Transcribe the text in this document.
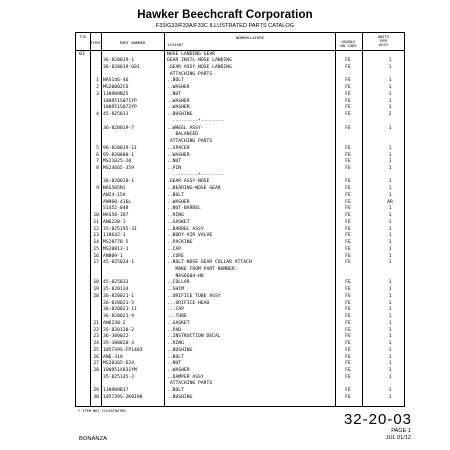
Hawker Beechcraft Corporation
F33/G33/F33A/F33C ILLUSTRATED PARTS CATALOG
FIG
ITEM	PART NUMBER
NOMENCLATURE
1234567
USABLE
ON CODE
UNITS
PER
ASSY
03	NOSE LANDING GEAR
36-820019-1	GEAR INSTL-NOSE LANDING	FE	1
36-820019-601	.GEAR ASSY-NOSE LANDING	FE	1
ATTACHING PARTS
1 NAS146-46	..BOLT	FE	1
2 MS20002C6	..WASHER	FE	1
3 130909N25	..NUT	FE	1
100951S071YP	..WASHER	FE	1
100951S072YP	..WASHER	FE	1
4 45-825011	..BUSHING	FE	2
---------*--------
36-820019-7	..WHEEL ASSY-	FE	1
BALANCED
ATTACHING PARTS
5 96-820019-11	..SPACER	FE	1
6 95-820000-1	..WASHER	FE	1
7 MS21025-20	..NUT	FE	1
8 MS24665-359	..PIN	FE	1
---------*--------
36-820020-1	.GEAR ASSY-NOSE	FE	1
9 NAS505NJ	..BEARING-NOSE GEAR	FE	1
AN24-15A	..BOLT	FE	1
AN960-416L	..WASHER	FE	AR
S1452-048	..NUT-BARREL	FE	1
10 NAS50-187	..RING	FE	1
11 AN6230-1	..GASKET	FE	1
12 35-825195-31	..BARREL ASSY	FE	1
13 118642-1	..BODY-AIR VALVE	FE	1
14 MS28778-5	..PACKING	FE	1
15 MS20813-1	..CAP	FE	1
16 AN809-1	..CORE	FE	1
17 45-825034-1	..BOLT-NOSE GEAR COLLAR ATTACH	FE	1
MAKE FROM PART NUMBER:
NAS6604-H8
18 45-825033	..COLLAR	FE	1
19 35-820134	..SHIM	FE	1
20 36-820021-1	..ORIFICE TUBE ASSY	FE	1
36-820021-5	...ORIFICE HEAD	FE	1
36-820021-11	...CAP	FE	1
36-820021-9	...TUBE	FE	1
21 AN6230-2	..GASKET	FE	1
22 35-820130-2	..PAD	FE	1
23 36-380022	..INSTRUCTION DECAL	FE	1
24 35-380020-3	..RING	FE	1
25 105739S-FP1483	..BUSHING	FE	1
26 AN6-31A	..BOLT	FE	1
27 MS20365-624	..NUT	FE	1
28 100951X031YM	..WASHER	FE	1
35-825145-2	..DAMPER ASSY	FE	1
ATTACHING PARTS
29 130909B17	..BOLT	FE	1
30 105739S-2K0190	..BUSHING	FE	1
* ITEM NOT ILLUSTRATED	32-20-03
PAGE 1
JUL 01/12
BONANZA
